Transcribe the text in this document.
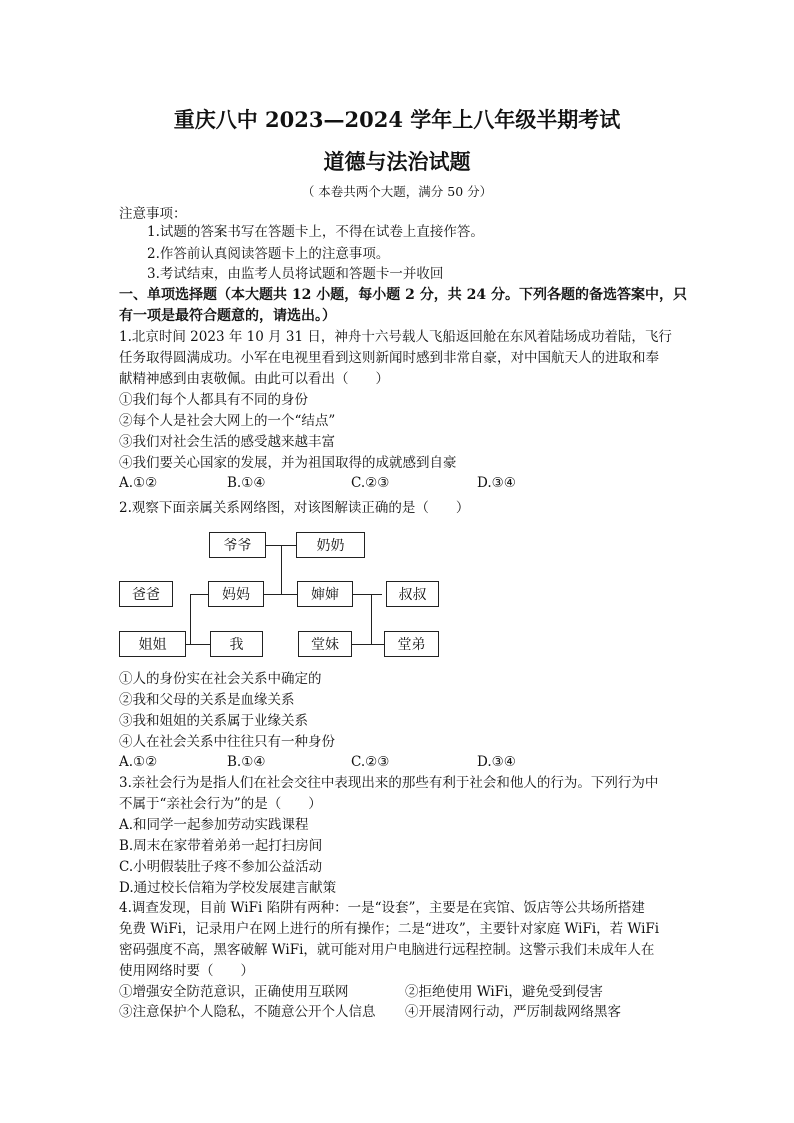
重庆八中 2023—2024 学年上八年级半期考试
道德与法治试题
（ 本卷共两个大题，满分 50 分）
注意事项：
1.试题的答案书写在答题卡上，不得在试卷上直接作答。
2.作答前认真阅读答题卡上的注意事项。
3.考试结束，由监考人员将试题和答题卡一并收回
一、单项选择题（本大题共 12 小题，每小题 2 分，共 24 分。下列各题的备选答案中，只
有一项是最符合题意的，请选出。）
1.北京时间 2023 年 10 月 31 日，神舟十六号载人飞船返回舱在东风着陆场成功着陆，飞行
任务取得圆满成功。小军在电视里看到这则新闻时感到非常自豪，对中国航天人的进取和奉
献精神感到由衷敬佩。由此可以看出（　　）
①我们每个人都具有不同的身份
②每个人是社会大网上的一个“结点”
③我们对社会生活的感受越来越丰富
④我们要关心国家的发展，并为祖国取得的成就感到自豪
A.①②	B.①④	C.②③	D.③④
2.观察下面亲属关系网络图，对该图解读正确的是（　　）
爷爷	奶奶
爸爸	妈妈	婶婶	叔叔
姐姐	我	堂妹	堂弟
①人的身份实在社会关系中确定的
②我和父母的关系是血缘关系
③我和姐姐的关系属于业缘关系
④人在社会关系中往往只有一种身份
A.①②	B.①④	C.②③	D.③④
3.亲社会行为是指人们在社会交往中表现出来的那些有利于社会和他人的行为。下列行为中
不属于“亲社会行为”的是（　　）
A.和同学一起参加劳动实践课程
B.周末在家带着弟弟一起打扫房间
C.小明假装肚子疼不参加公益活动
D.通过校长信箱为学校发展建言献策
4.调查发现，目前 WiFi 陷阱有两种：一是“设套”，主要是在宾馆、饭店等公共场所搭建
免费 WiFi，记录用户在网上进行的所有操作；二是“进攻”，主要针对家庭 WiFi，若 WiFi
密码强度不高，黑客破解 WiFi，就可能对用户电脑进行远程控制。这警示我们未成年人在
使用网络时要（　　）
①增强安全防范意识，正确使用互联网	②拒绝使用 WiFi，避免受到侵害
③注意保护个人隐私，不随意公开个人信息 ④开展清网行动，严厉制裁网络黑客
